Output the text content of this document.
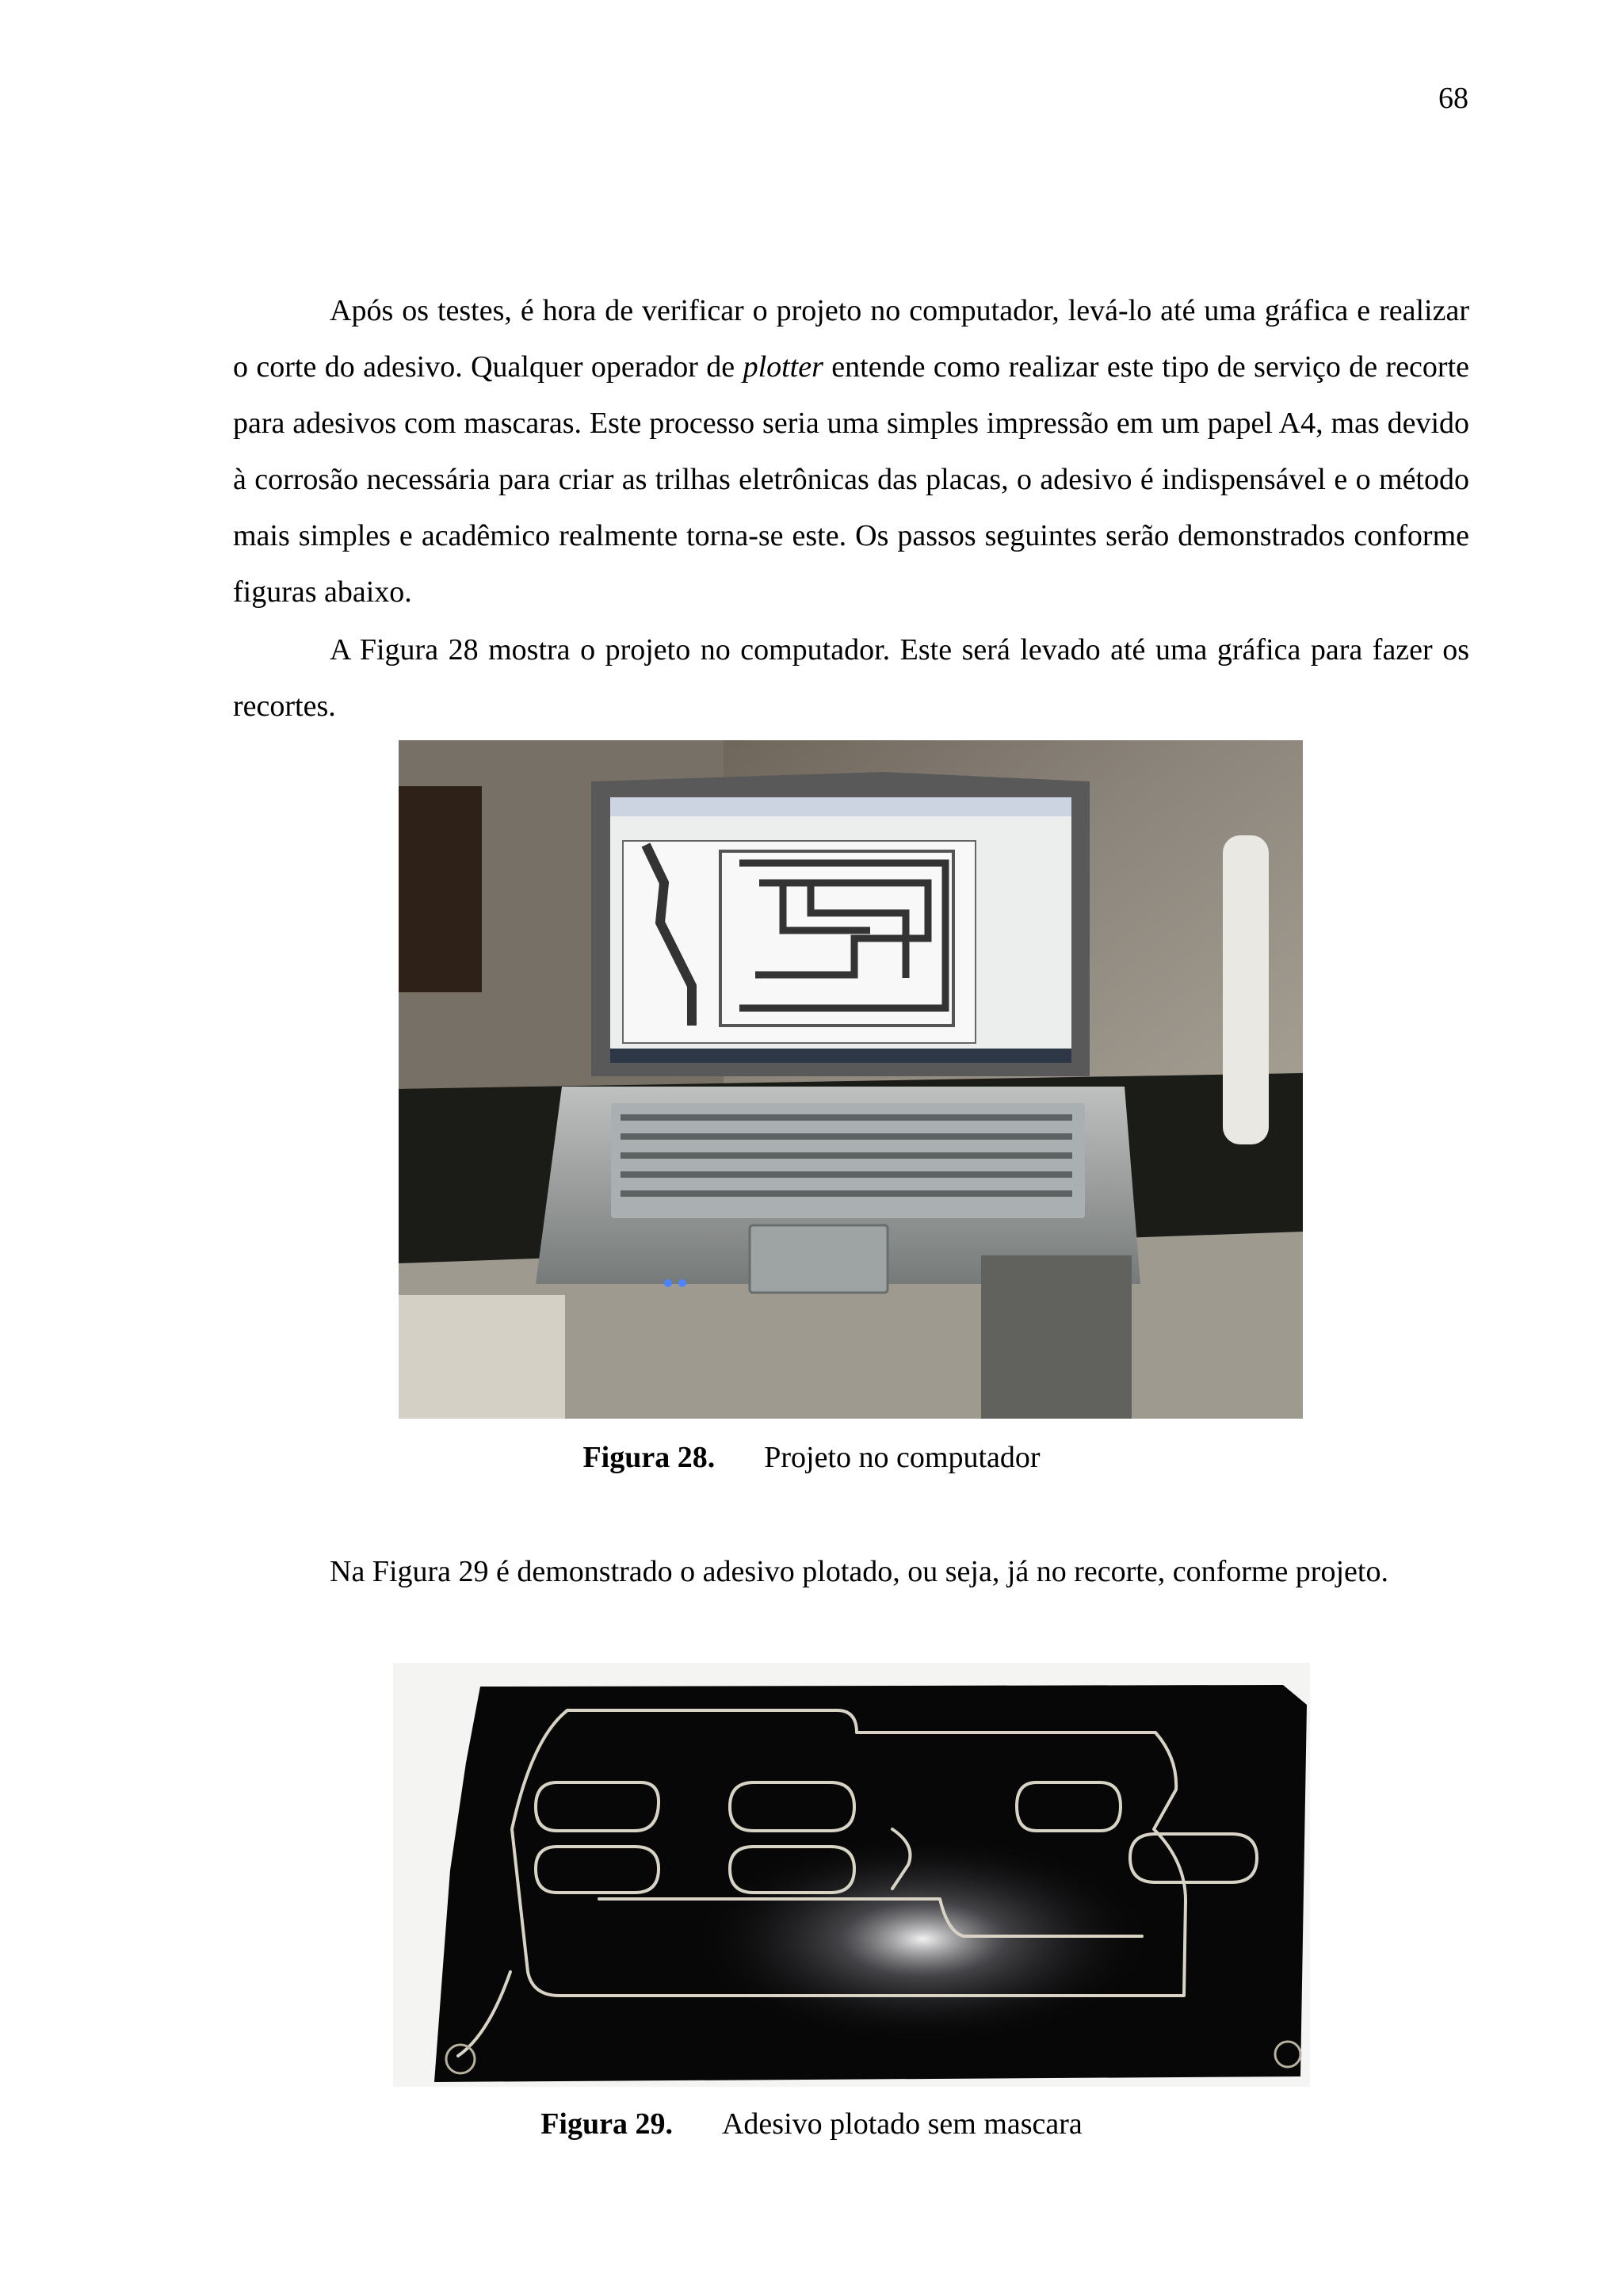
68

Após os testes, é hora de verificar o projeto no computador, levá-lo até uma gráfica e realizar o corte do adesivo. Qualquer operador de plotter entende como realizar este tipo de serviço de recorte para adesivos com mascaras. Este processo seria uma simples impressão em um papel A4, mas devido à corrosão necessária para criar as trilhas eletrônicas das placas, o adesivo é indispensável e o método mais simples e acadêmico realmente torna-se este. Os passos seguintes serão demonstrados conforme figuras abaixo.

A Figura 28 mostra o projeto no computador. Este será levado até uma gráfica para fazer os recortes.

Figura 28. Projeto no computador

Na Figura 29 é demonstrado o adesivo plotado, ou seja, já no recorte, conforme projeto.

Figura 29. Adesivo plotado sem mascara
